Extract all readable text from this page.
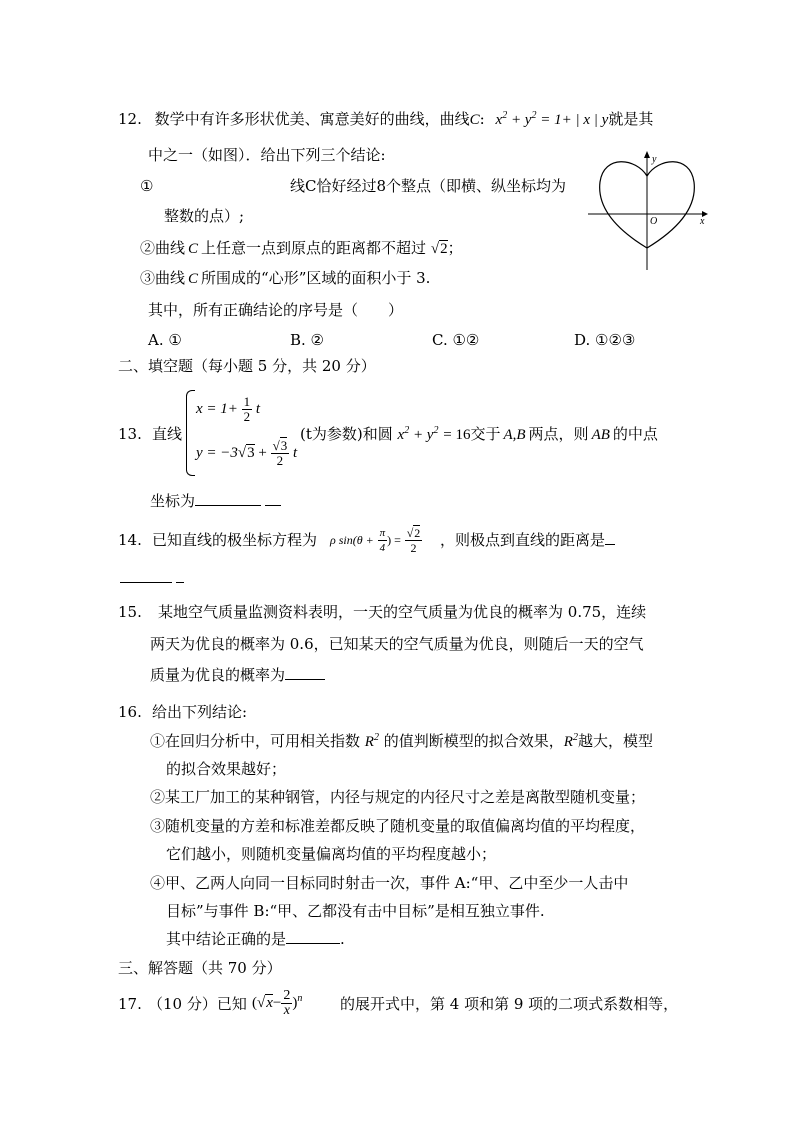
12. 数学中有许多形状优美、寓意美好的曲线，曲线C: $x^2 + y^2 = 1+$ | x | y就是其
中之一（如图）．给出下列三个结论:
①	线C恰好经过8个整点（即横、纵坐标均为
整数的点）;
②曲线 C 上任意一点到原点的距离都不超过 √2；
③曲线 C 所围成的“心形”区域的面积小于 3.
其中，所有正确结论的序号是（　　）
A. ①	B. ②	C. ①②	D. ①②③
y
x
O
二、填空题（每小题 5 分，共 20 分）
13. 直线
$x = 1+ \frac{1}{2}$ t
$y = -3√3 + \frac{√3}{2}$ t
(t为参数)和圆 $x^2 + y^2 = 16$交于 A,B 两点，则 AB 的中点
坐标为
14. 已知直线的极坐标方程为 ρ $\sin(\theta + \frac{\pi}{4}$ ) = $\frac{√2}{2}$ ，则极点到直线的距离是
15. 某地空气质量监测资料表明，一天的空气质量为优良的概率为 0.75，连续
两天为优良的概率为 0.6，已知某天的空气质量为优良，则随后一天的空气
质量为优良的概率为
16. 给出下列结论:
①在回归分析中，可用相关指数 $R^2$ 的值判断模型的拟合效果，$R^2$越大，模型
的拟合效果越好；
②某工厂加工的某种钢管，内径与规定的内径尺寸之差是离散型随机变量；
③随机变量的方差和标准差都反映了随机变量的取值偏离均值的平均程度，
它们越小，则随机变量偏离均值的平均程度越小；
④甲、乙两人向同一目标同时射击一次，事件 A:“甲、乙中至少一人击中
目标”与事件 B:“甲、乙都没有击中目标”是相互独立事件.
其中结论正确的是	.
三、解答题（共 70 分）
17. （10 分）已知 $(√x- \frac{2}{x} )^n$	的展开式中，第 4 项和第 9 项的二项式系数相等，
